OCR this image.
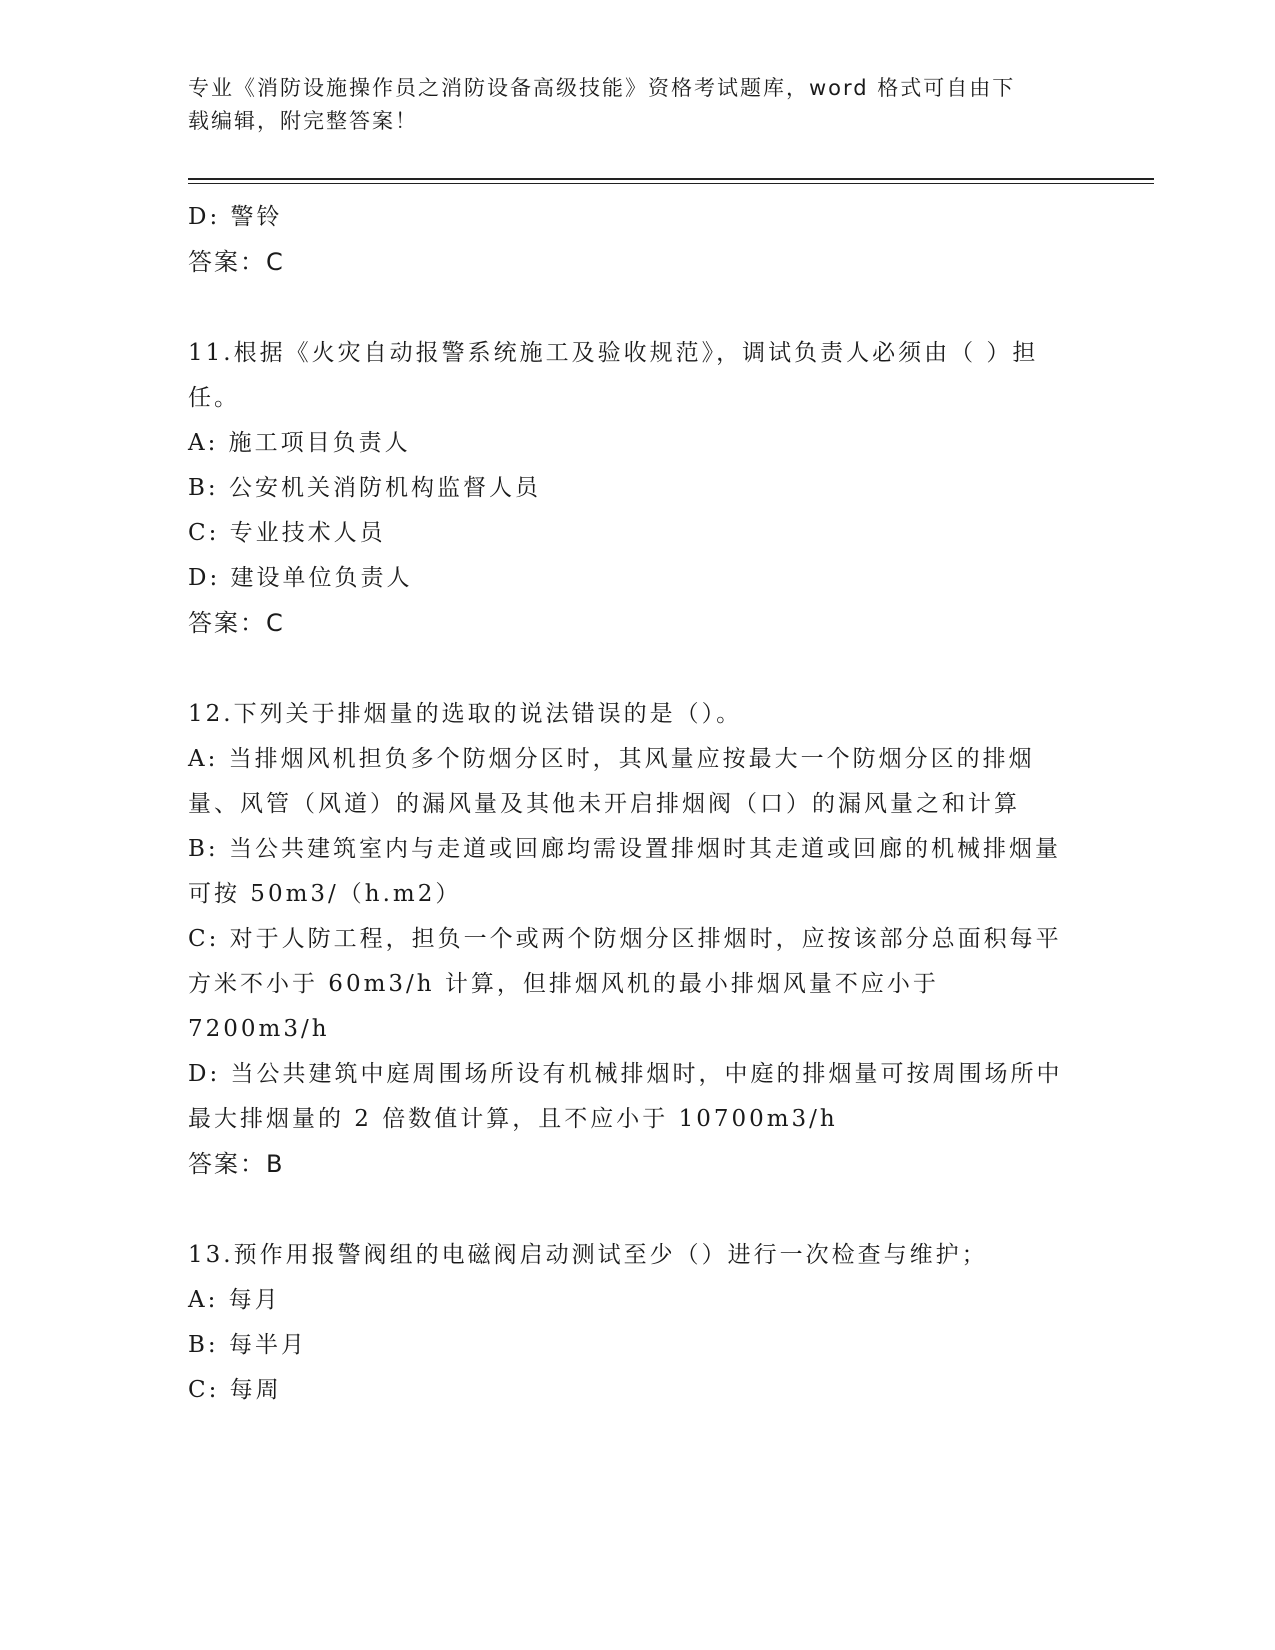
专业《消防设施操作员之消防设备高级技能》资格考试题库，word 格式可自由下
载编辑，附完整答案！
D: 警铃
答案：C
11.根据《火灾自动报警系统施工及验收规范》，调试负责人必须由（ ）担任。
A: 施工项目负责人
B: 公安机关消防机构监督人员
C: 专业技术人员
D: 建设单位负责人
答案：C
12.下列关于排烟量的选取的说法错误的是（）。
A: 当排烟风机担负多个防烟分区时，其风量应按最大一个防烟分区的排烟量、风管（风道）的漏风量及其他未开启排烟阀（口）的漏风量之和计算
B: 当公共建筑室内与走道或回廊均需设置排烟时其走道或回廊的机械排烟量可按 50m3/（h.m2）
C: 对于人防工程，担负一个或两个防烟分区排烟时，应按该部分总面积每平方米不小于 60m3/h 计算，但排烟风机的最小排烟风量不应小于 7200m3/h
D: 当公共建筑中庭周围场所设有机械排烟时，中庭的排烟量可按周围场所中最大排烟量的 2 倍数值计算，且不应小于 10700m3/h
答案：B
13.预作用报警阀组的电磁阀启动测试至少（）进行一次检查与维护；
A: 每月
B: 每半月
C: 每周
